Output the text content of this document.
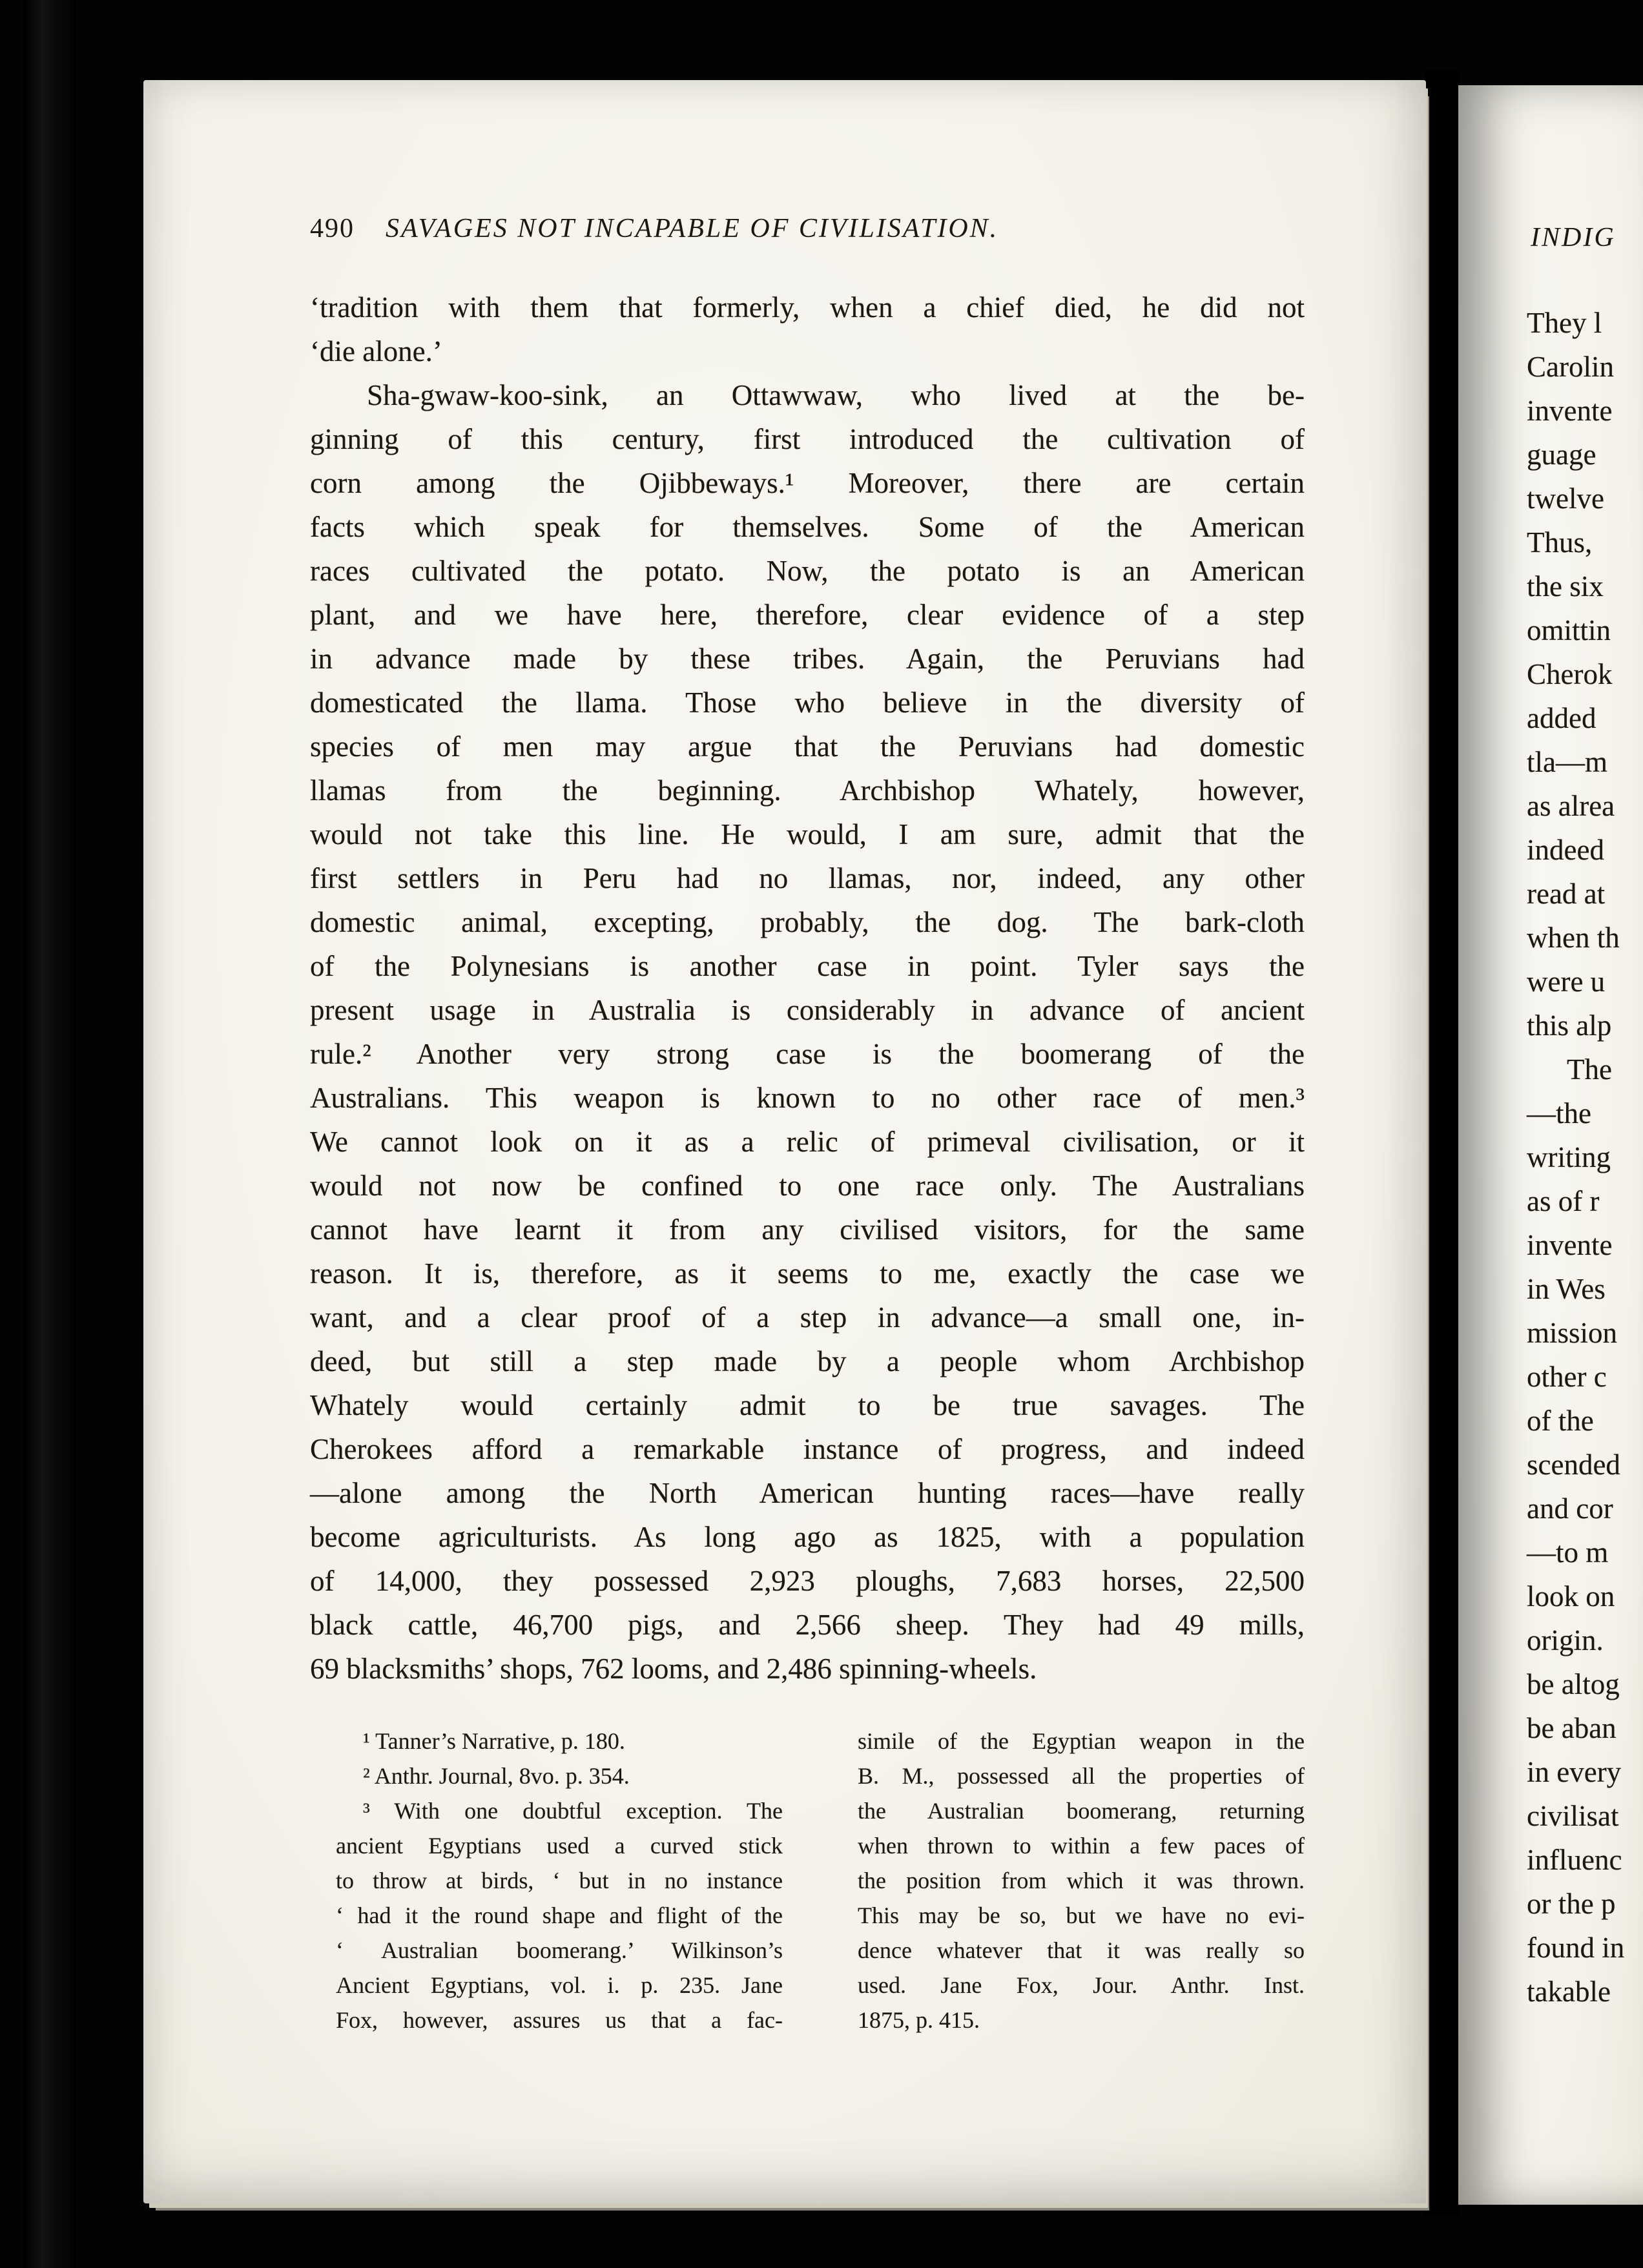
490 SAVAGES NOT INCAPABLE OF CIVILISATION.
‘tradition with them that formerly, when a chief died, he did not
‘die alone.’
Sha-gwaw-koo-sink, an Ottawwaw, who lived at the be-
ginning of this century, first introduced the cultivation of
corn among the Ojibbeways.¹ Moreover, there are certain
facts which speak for themselves. Some of the American
races cultivated the potato. Now, the potato is an American
plant, and we have here, therefore, clear evidence of a step
in advance made by these tribes. Again, the Peruvians had
domesticated the llama. Those who believe in the diversity of
species of men may argue that the Peruvians had domestic
llamas from the beginning. Archbishop Whately, however,
would not take this line. He would, I am sure, admit that the
first settlers in Peru had no llamas, nor, indeed, any other
domestic animal, excepting, probably, the dog. The bark-cloth
of the Polynesians is another case in point. Tyler says the
present usage in Australia is considerably in advance of ancient
rule.² Another very strong case is the boomerang of the
Australians. This weapon is known to no other race of men.³
We cannot look on it as a relic of primeval civilisation, or it
would not now be confined to one race only. The Australians
cannot have learnt it from any civilised visitors, for the same
reason. It is, therefore, as it seems to me, exactly the case we
want, and a clear proof of a step in advance—a small one, in-
deed, but still a step made by a people whom Archbishop
Whately would certainly admit to be true savages. The
Cherokees afford a remarkable instance of progress, and indeed
—alone among the North American hunting races—have really
become agriculturists. As long ago as 1825, with a population
of 14,000, they possessed 2,923 ploughs, 7,683 horses, 22,500
black cattle, 46,700 pigs, and 2,566 sheep. They had 49 mills,
69 blacksmiths’ shops, 762 looms, and 2,486 spinning-wheels.
¹ Tanner’s Narrative, p. 180.
² Anthr. Journal, 8vo. p. 354.
³ With one doubtful exception. The
ancient Egyptians used a curved stick
to throw at birds, ‘ but in no instance
‘ had it the round shape and flight of the
‘ Australian boomerang.’ Wilkinson’s
Ancient Egyptians, vol. i. p. 235. Jane
Fox, however, assures us that a fac-
simile of the Egyptian weapon in the
B. M., possessed all the properties of
the Australian boomerang, returning
when thrown to within a few paces of
the position from which it was thrown.
This may be so, but we have no evi-
dence whatever that it was really so
used. Jane Fox, Jour. Anthr. Inst.
1875, p. 415.
INDIG
They l
Carolin
invente
guage
twelve
Thus,
the six
omittin
Cherok
added
tla—m
as alrea
indeed
read at
when th
were u
this alp
The
—the
writing
as of r
invente
in Wes
mission
other c
of the
scended
and cor
—to m
look on
origin.
be altog
be aban
in every
civilisat
influenc
or the p
found in
takable
